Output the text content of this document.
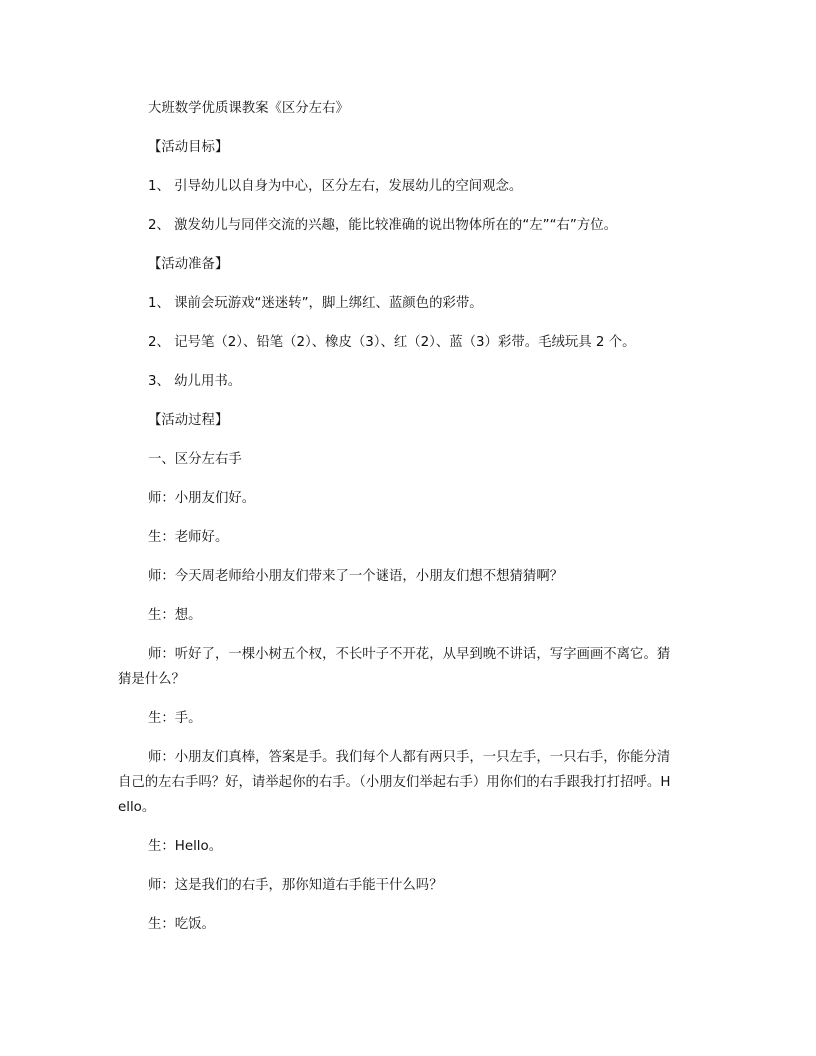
大班数学优质课教案《区分左右》

【活动目标】

1、 引导幼儿以自身为中心，区分左右，发展幼儿的空间观念。

2、 激发幼儿与同伴交流的兴趣，能比较准确的说出物体所在的“左”“右”方位。

【活动准备】

1、 课前会玩游戏“迷迷转”，脚上绑红、蓝颜色的彩带。

2、 记号笔（2）、铅笔（2）、橡皮（3）、红（2）、蓝（3）彩带。毛绒玩具 2 个。

3、 幼儿用书。

【活动过程】

一、区分左右手

师：小朋友们好。

生：老师好。

师：今天周老师给小朋友们带来了一个谜语，小朋友们想不想猜猜啊？

生：想。

师：听好了，一棵小树五个杈，不长叶子不开花，从早到晚不讲话，写字画画不离它。猜猜是什么？

生：手。

师：小朋友们真棒，答案是手。我们每个人都有两只手，一只左手，一只右手，你能分清自己的左右手吗？好，请举起你的右手。（小朋友们举起右手）用你们的右手跟我打打招呼。Hello。

生：Hello。

师：这是我们的右手，那你知道右手能干什么吗？

生：吃饭。
